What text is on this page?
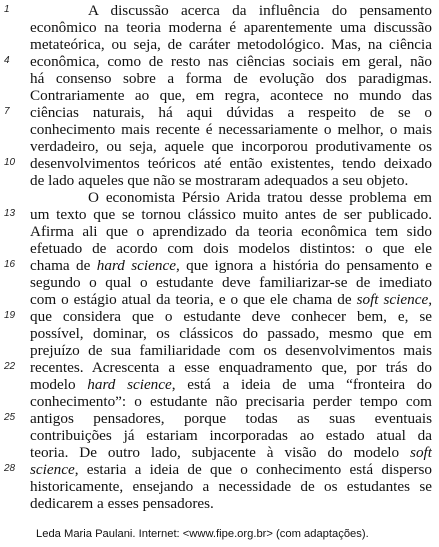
1	A discussão acerca da influência do pensamento
econômico na teoria moderna é aparentemente uma discussão
metateórica, ou seja, de caráter metodológico. Mas, na ciência
4	econômica, como de resto nas ciências sociais em geral, não
há consenso sobre a forma de evolução dos paradigmas.
Contrariamente ao que, em regra, acontece no mundo das
7	ciências naturais, há aqui dúvidas a respeito de se o
conhecimento mais recente é necessariamente o melhor, o mais
verdadeiro, ou seja, aquele que incorporou produtivamente os
10 desenvolvimentos teóricos até então existentes, tendo deixado
de lado aqueles que não se mostraram adequados a seu objeto.
O economista Pérsio Arida tratou desse problema em
13 um texto que se tornou clássico muito antes de ser publicado.
Afirma ali que o aprendizado da teoria econômica tem sido
efetuado de acordo com dois modelos distintos: o que ele
16 chama de hard science, que ignora a história do pensamento e
segundo o qual o estudante deve familiarizar-se de imediato
com o estágio atual da teoria, e o que ele chama de soft science,
19 que considera que o estudante deve conhecer bem, e, se
possível, dominar, os clássicos do passado, mesmo que em
prejuízo de sua familiaridade com os desenvolvimentos mais
22 recentes. Acrescenta a esse enquadramento que, por trás do
modelo hard science, está a ideia de uma “fronteira do
conhecimento”: o estudante não precisaria perder tempo com
25 antigos pensadores, porque todas as suas eventuais
contribuições já estariam incorporadas ao estado atual da
teoria. De outro lado, subjacente à visão do modelo soft
28 science, estaria a ideia de que o conhecimento está disperso
historicamente, ensejando a necessidade de os estudantes se
dedicarem a esses pensadores.
Leda Maria Paulani. Internet: <www.fipe.org.br> (com adaptações).
